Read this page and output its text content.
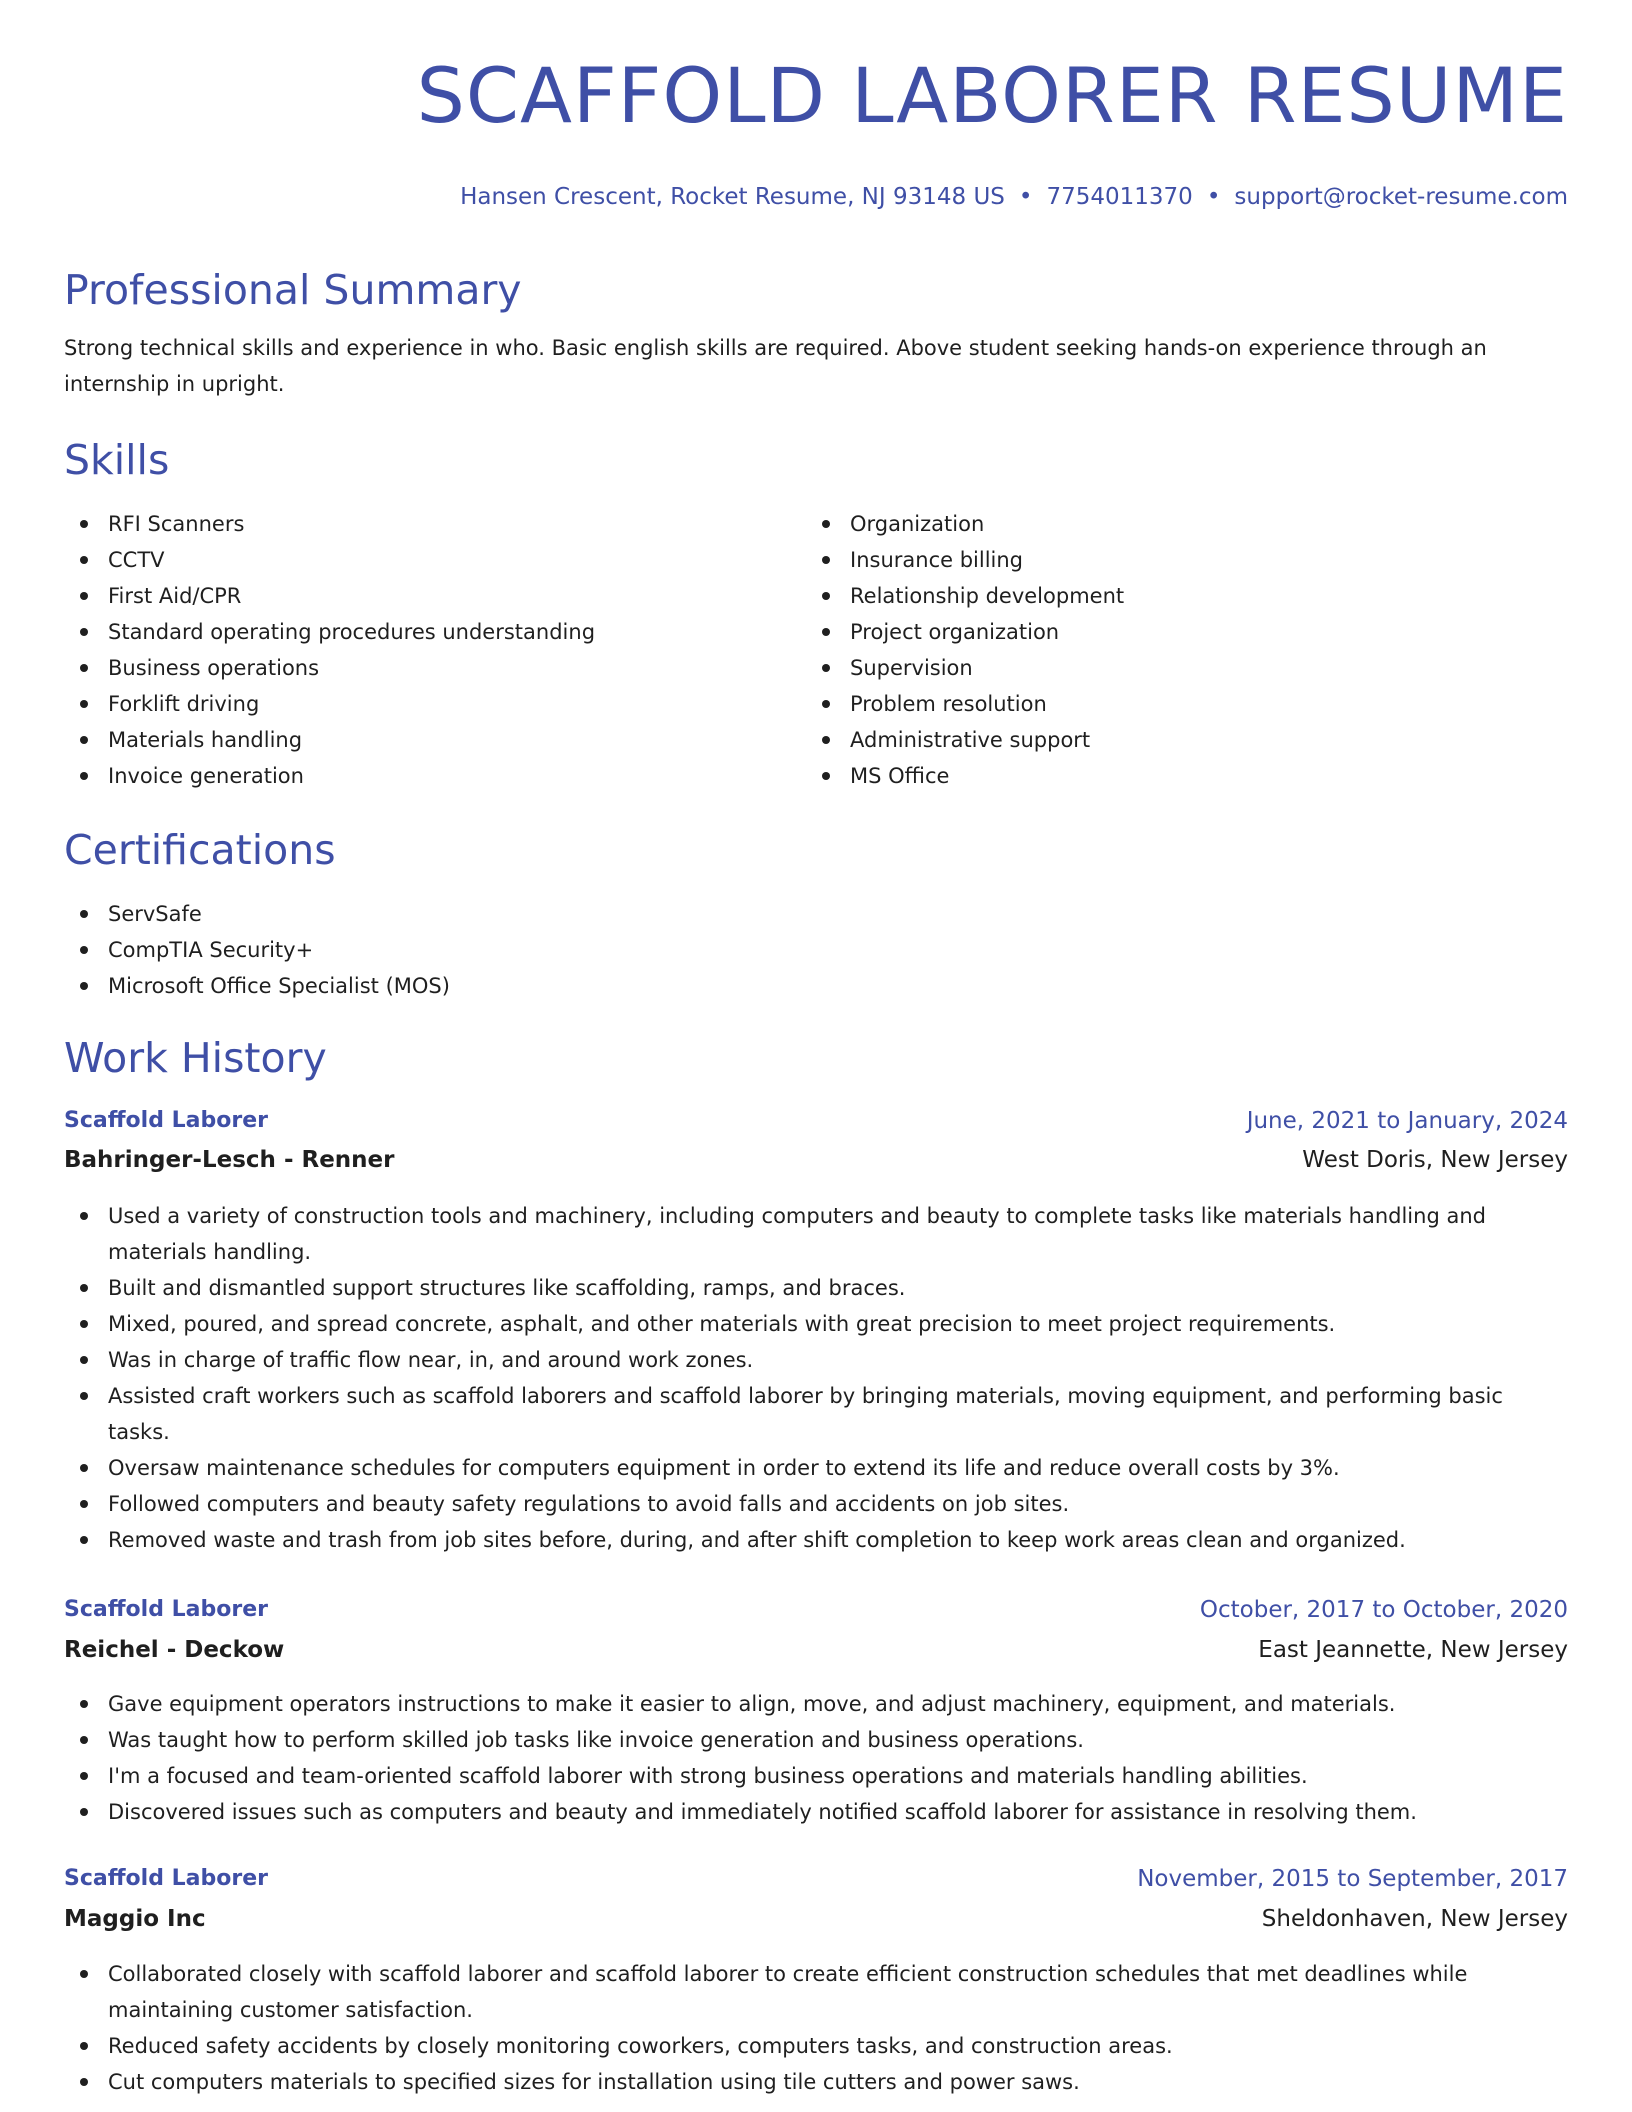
SCAFFOLD LABORER RESUME
Hansen Crescent, Rocket Resume, NJ 93148 US • 7754011370 • support@rocket-resume.com
Professional Summary

Strong technical skills and experience in who. Basic english skills are required. Above student seeking hands-on experience through an internship in upright.

Skills
RFI Scanners
CCTV
First Aid/CPR
Standard operating procedures understanding
Business operations
Forklift driving
Materials handling
Invoice generation
Organization
Insurance billing
Relationship development
Project organization
Supervision
Problem resolution
Administrative support
MS Office
Certifications
ServSafe
CompTIA Security+
Microsoft Office Specialist (MOS)
Work History
Scaffold Laborer	June, 2021 to January, 2024
Bahringer-Lesch - Renner	West Doris, New Jersey
Used a variety of construction tools and machinery, including computers and beauty to complete tasks like materials handling and materials handling.
Built and dismantled support structures like scaffolding, ramps, and braces.
Mixed, poured, and spread concrete, asphalt, and other materials with great precision to meet project requirements.
Was in charge of traffic flow near, in, and around work zones.
Assisted craft workers such as scaffold laborers and scaffold laborer by bringing materials, moving equipment, and performing basic tasks.
Oversaw maintenance schedules for computers equipment in order to extend its life and reduce overall costs by 3%.
Followed computers and beauty safety regulations to avoid falls and accidents on job sites.
Removed waste and trash from job sites before, during, and after shift completion to keep work areas clean and organized.
Scaffold Laborer	October, 2017 to October, 2020
Reichel - Deckow	East Jeannette, New Jersey
Gave equipment operators instructions to make it easier to align, move, and adjust machinery, equipment, and materials.
Was taught how to perform skilled job tasks like invoice generation and business operations.
I'm a focused and team-oriented scaffold laborer with strong business operations and materials handling abilities.
Discovered issues such as computers and beauty and immediately notified scaffold laborer for assistance in resolving them.
Scaffold Laborer	November, 2015 to September, 2017
Maggio Inc	Sheldonhaven, New Jersey
Collaborated closely with scaffold laborer and scaffold laborer to create efficient construction schedules that met deadlines while maintaining customer satisfaction.
Reduced safety accidents by closely monitoring coworkers, computers tasks, and construction areas.
Cut computers materials to specified sizes for installation using tile cutters and power saws.
